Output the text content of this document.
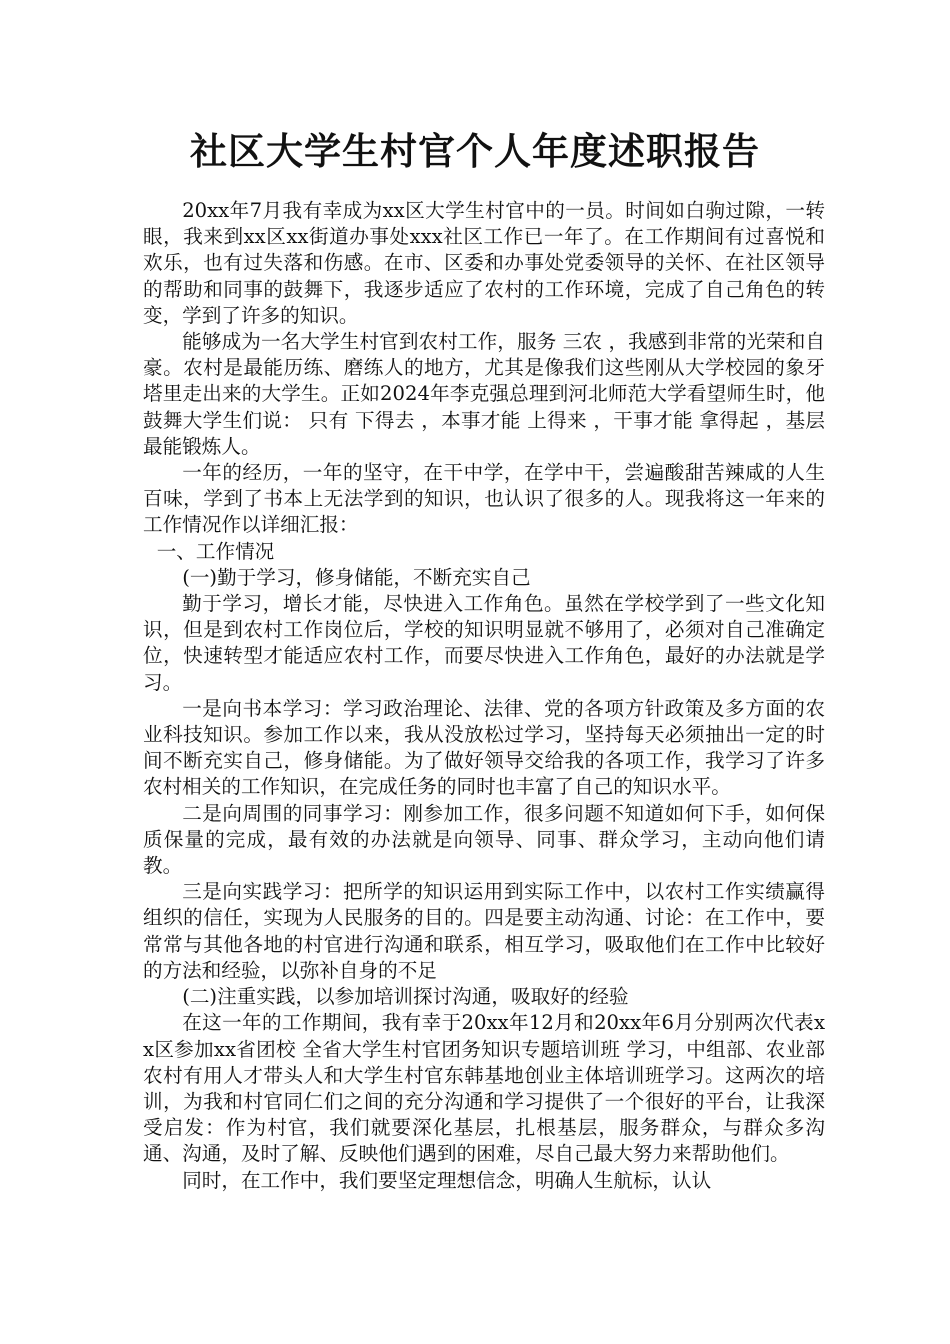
社区大学生村官个人年度述职报告

20xx年7月我有幸成为xx区大学生村官中的一员。时间如白驹过隙，一转眼，我来到xx区xx街道办事处xxx社区工作已一年了。在工作期间有过喜悦和欢乐，也有过失落和伤感。在市、区委和办事处党委领导的关怀、在社区领导的帮助和同事的鼓舞下，我逐步适应了农村的工作环境，完成了自己角色的转变，学到了许多的知识。

能够成为一名大学生村官到农村工作，服务 三农 ，我感到非常的光荣和自豪。农村是最能历练、磨练人的地方，尤其是像我们这些刚从大学校园的象牙塔里走出来的大学生。正如2024年李克强总理到河北师范大学看望师生时，他鼓舞大学生们说： 只有 下得去 ，本事才能 上得来 ，干事才能 拿得起 ，基层最能锻炼人。

一年的经历，一年的坚守，在干中学，在学中干，尝遍酸甜苦辣咸的人生百味，学到了书本上无法学到的知识，也认识了很多的人。现我将这一年来的工作情况作以详细汇报：

一、工作情况

(一)勤于学习，修身储能，不断充实自己

勤于学习，增长才能，尽快进入工作角色。虽然在学校学到了一些文化知识，但是到农村工作岗位后，学校的知识明显就不够用了，必须对自己准确定位，快速转型才能适应农村工作，而要尽快进入工作角色，最好的办法就是学习。

一是向书本学习：学习政治理论、法律、党的各项方针政策及多方面的农业科技知识。参加工作以来，我从没放松过学习，坚持每天必须抽出一定的时间不断充实自己，修身储能。为了做好领导交给我的各项工作，我学习了许多农村相关的工作知识，在完成任务的同时也丰富了自己的知识水平。

二是向周围的同事学习：刚参加工作，很多问题不知道如何下手，如何保质保量的完成，最有效的办法就是向领导、同事、群众学习，主动向他们请教。

三是向实践学习：把所学的知识运用到实际工作中，以农村工作实绩赢得组织的信任，实现为人民服务的目的。四是要主动沟通、讨论：在工作中，要常常与其他各地的村官进行沟通和联系，相互学习，吸取他们在工作中比较好的方法和经验，以弥补自身的不足

(二)注重实践，以参加培训探讨沟通，吸取好的经验

在这一年的工作期间，我有幸于20xx年12月和20xx年6月分别两次代表xx区参加xx省团校 全省大学生村官团务知识专题培训班 学习，中组部、农业部农村有用人才带头人和大学生村官东韩基地创业主体培训班学习。这两次的培训，为我和村官同仁们之间的充分沟通和学习提供了一个很好的平台，让我深受启发：作为村官，我们就要深化基层，扎根基层，服务群众，与群众多沟通、沟通，及时了解、反映他们遇到的困难，尽自己最大努力来帮助他们。

同时，在工作中，我们要坚定理想信念，明确人生航标，认认
